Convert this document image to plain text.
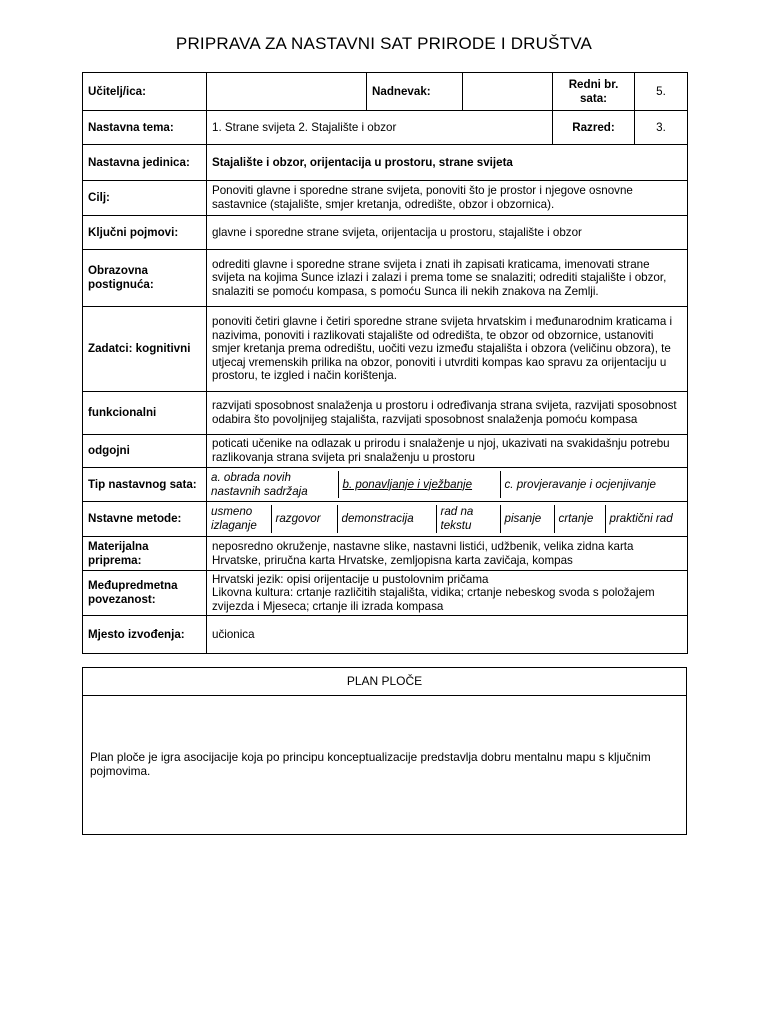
PRIPRAVA ZA NASTAVNI SAT PRIRODE I DRUŠTVA
Učitelj/ica:		Nadnevak:		Redni br. sata:	5.
Nastavna tema:	1. Strane svijeta 2. Stajalište i obzor	Razred:	3.
Nastavna jedinica:	Stajalište i obzor, orijentacija u prostoru, strane svijeta
Cilj:	Ponoviti glavne i sporedne strane svijeta, ponoviti što je prostor i njegove osnovne sastavnice (stajalište, smjer kretanja, odredište, obzor i obzornica).
Ključni pojmovi:	glavne i sporedne strane svijeta, orijentacija u prostoru, stajalište i obzor
Obrazovna postignuća:	odrediti glavne i sporedne strane svijeta i znati ih zapisati kraticama, imenovati strane svijeta na kojima Sunce izlazi i zalazi i prema tome se snalaziti; odrediti stajalište i obzor, snalaziti se pomoću kompasa, s pomoću Sunca ili nekih znakova na Zemlji.
Zadatci: kognitivni	ponoviti četiri glavne i četiri sporedne strane svijeta hrvatskim i međunarodnim kraticama i nazivima, ponoviti i razlikovati stajalište od odredišta, te obzor od obzornice, ustanoviti smjer kretanja prema odredištu, uočiti vezu između stajališta i obzora (veličinu obzora), te utjecaj vremenskih prilika na obzor, ponoviti i utvrditi kompas kao spravu za orijentaciju u prostoru, te izgled i način korištenja.
funkcionalni	razvijati sposobnost snalaženja u prostoru i određivanja strana svijeta, razvijati sposobnost odabira što povoljnijeg stajališta, razvijati sposobnost snalaženja pomoću kompasa
odgojni	poticati učenike na odlazak u prirodu i snalaženje u njoj, ukazivati na svakidašnju potrebu razlikovanja strana svijeta pri snalaženju u prostoru
Tip nastavnog sata:	
a. obrada novih nastavnih sadržaja	b. ponavljanje i vježbanje	c. provjeravanje i ocjenjivanje

Nstavne metode:	
usmeno izlaganje	razgovor	demonstracija	rad na tekstu	pisanje	crtanje	praktični rad

Materijalna priprema:	neposredno okruženje, nastavne slike, nastavni listići, udžbenik, velika zidna karta Hrvatske, priručna karta Hrvatske, zemljopisna karta zavičaja, kompas
Međupredmetna povezanost:	
Hrvatski jezik: opisi orijentacije u pustolovnim pričama
Likovna kultura: crtanje različitih stajališta, vidika; crtanje nebeskog svoda s položajem zvijezda i Mjeseca; crtanje ili izrada kompasa

Mjesto izvođenja:	učionica
PLAN PLOČE
Plan ploče je igra asocijacije koja po principu konceptualizacije predstavlja dobru mentalnu mapu s ključnim pojmovima.
